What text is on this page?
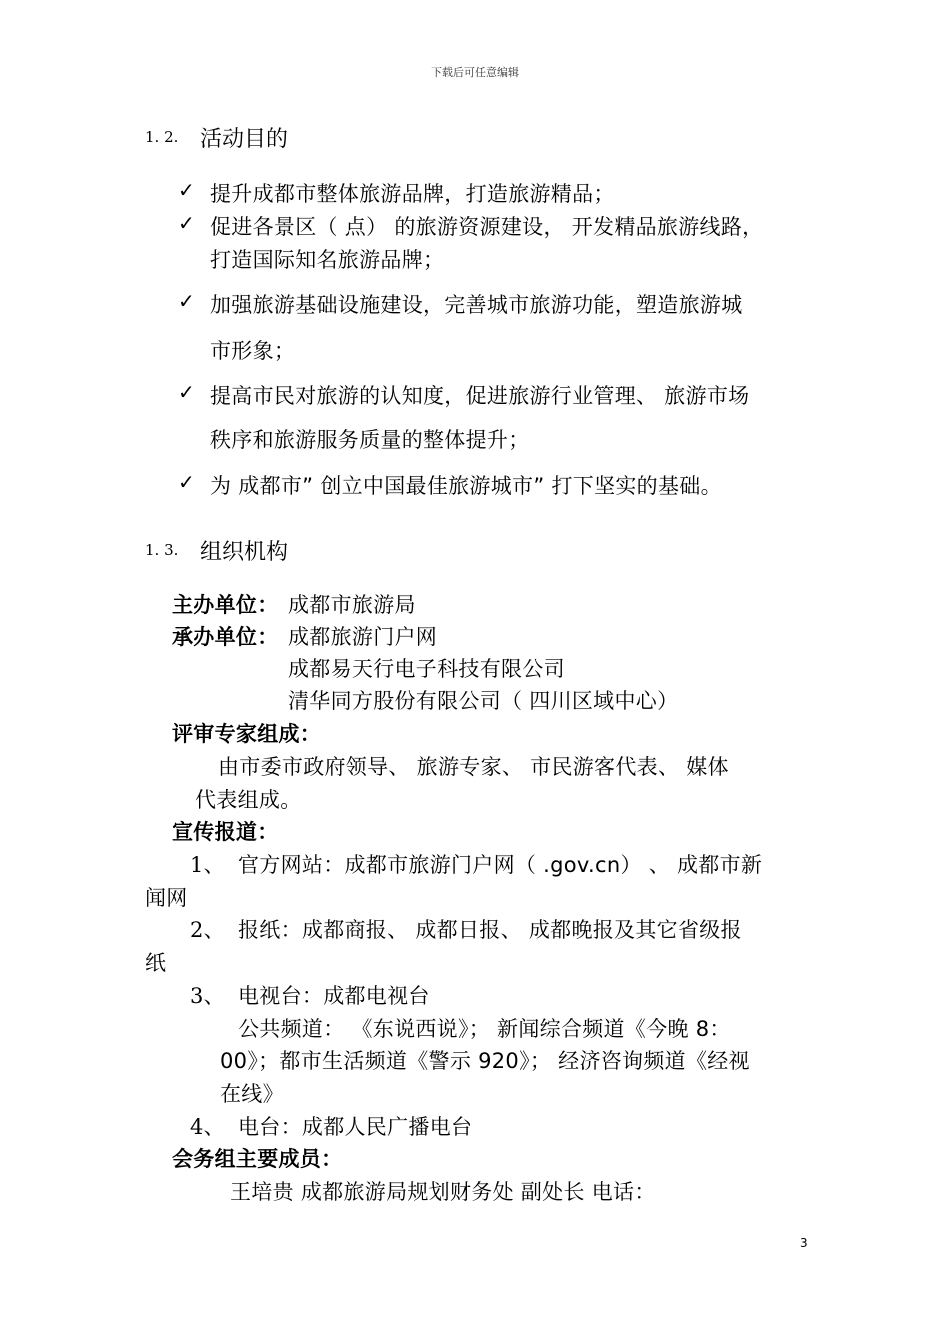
下载后可任意编辑
1. 2. 活动目的
✓ 提升成都市整体旅游品牌，打造旅游精品；
✓ 促进各景区（ 点） 的旅游资源建设， 开发精品旅游线路，
打造国际知名旅游品牌；
✓ 加强旅游基础设施建设，完善城市旅游功能，塑造旅游城
市形象；
✓ 提高市民对旅游的认知度，促进旅游行业管理、 旅游市场
秩序和旅游服务质量的整体提升；
✓ 为 成都市” 创立中国最佳旅游城市” 打下坚实的基础。
1. 3. 组织机构
主办单位： 成都市旅游局
承办单位： 成都旅游门户网
成都易天行电子科技有限公司
清华同方股份有限公司（ 四川区域中心）
评审专家组成：
由市委市政府领导、 旅游专家、 市民游客代表、 媒体
代表组成。
宣传报道：
1、 官方网站：成都市旅游门户网（ .gov.cn） 、 成都市新
闻网
2、 报纸：成都商报、 成都日报、 成都晚报及其它省级报
纸
3、 电视台：成都电视台
公共频道： 《东说西说》； 新闻综合频道《今晚 8：
00》；都市生活频道《警示 920》； 经济咨询频道《经视
在线》
4、 电台：成都人民广播电台
会务组主要成员：
王培贵 成都旅游局规划财务处 副处长 电话：
3
